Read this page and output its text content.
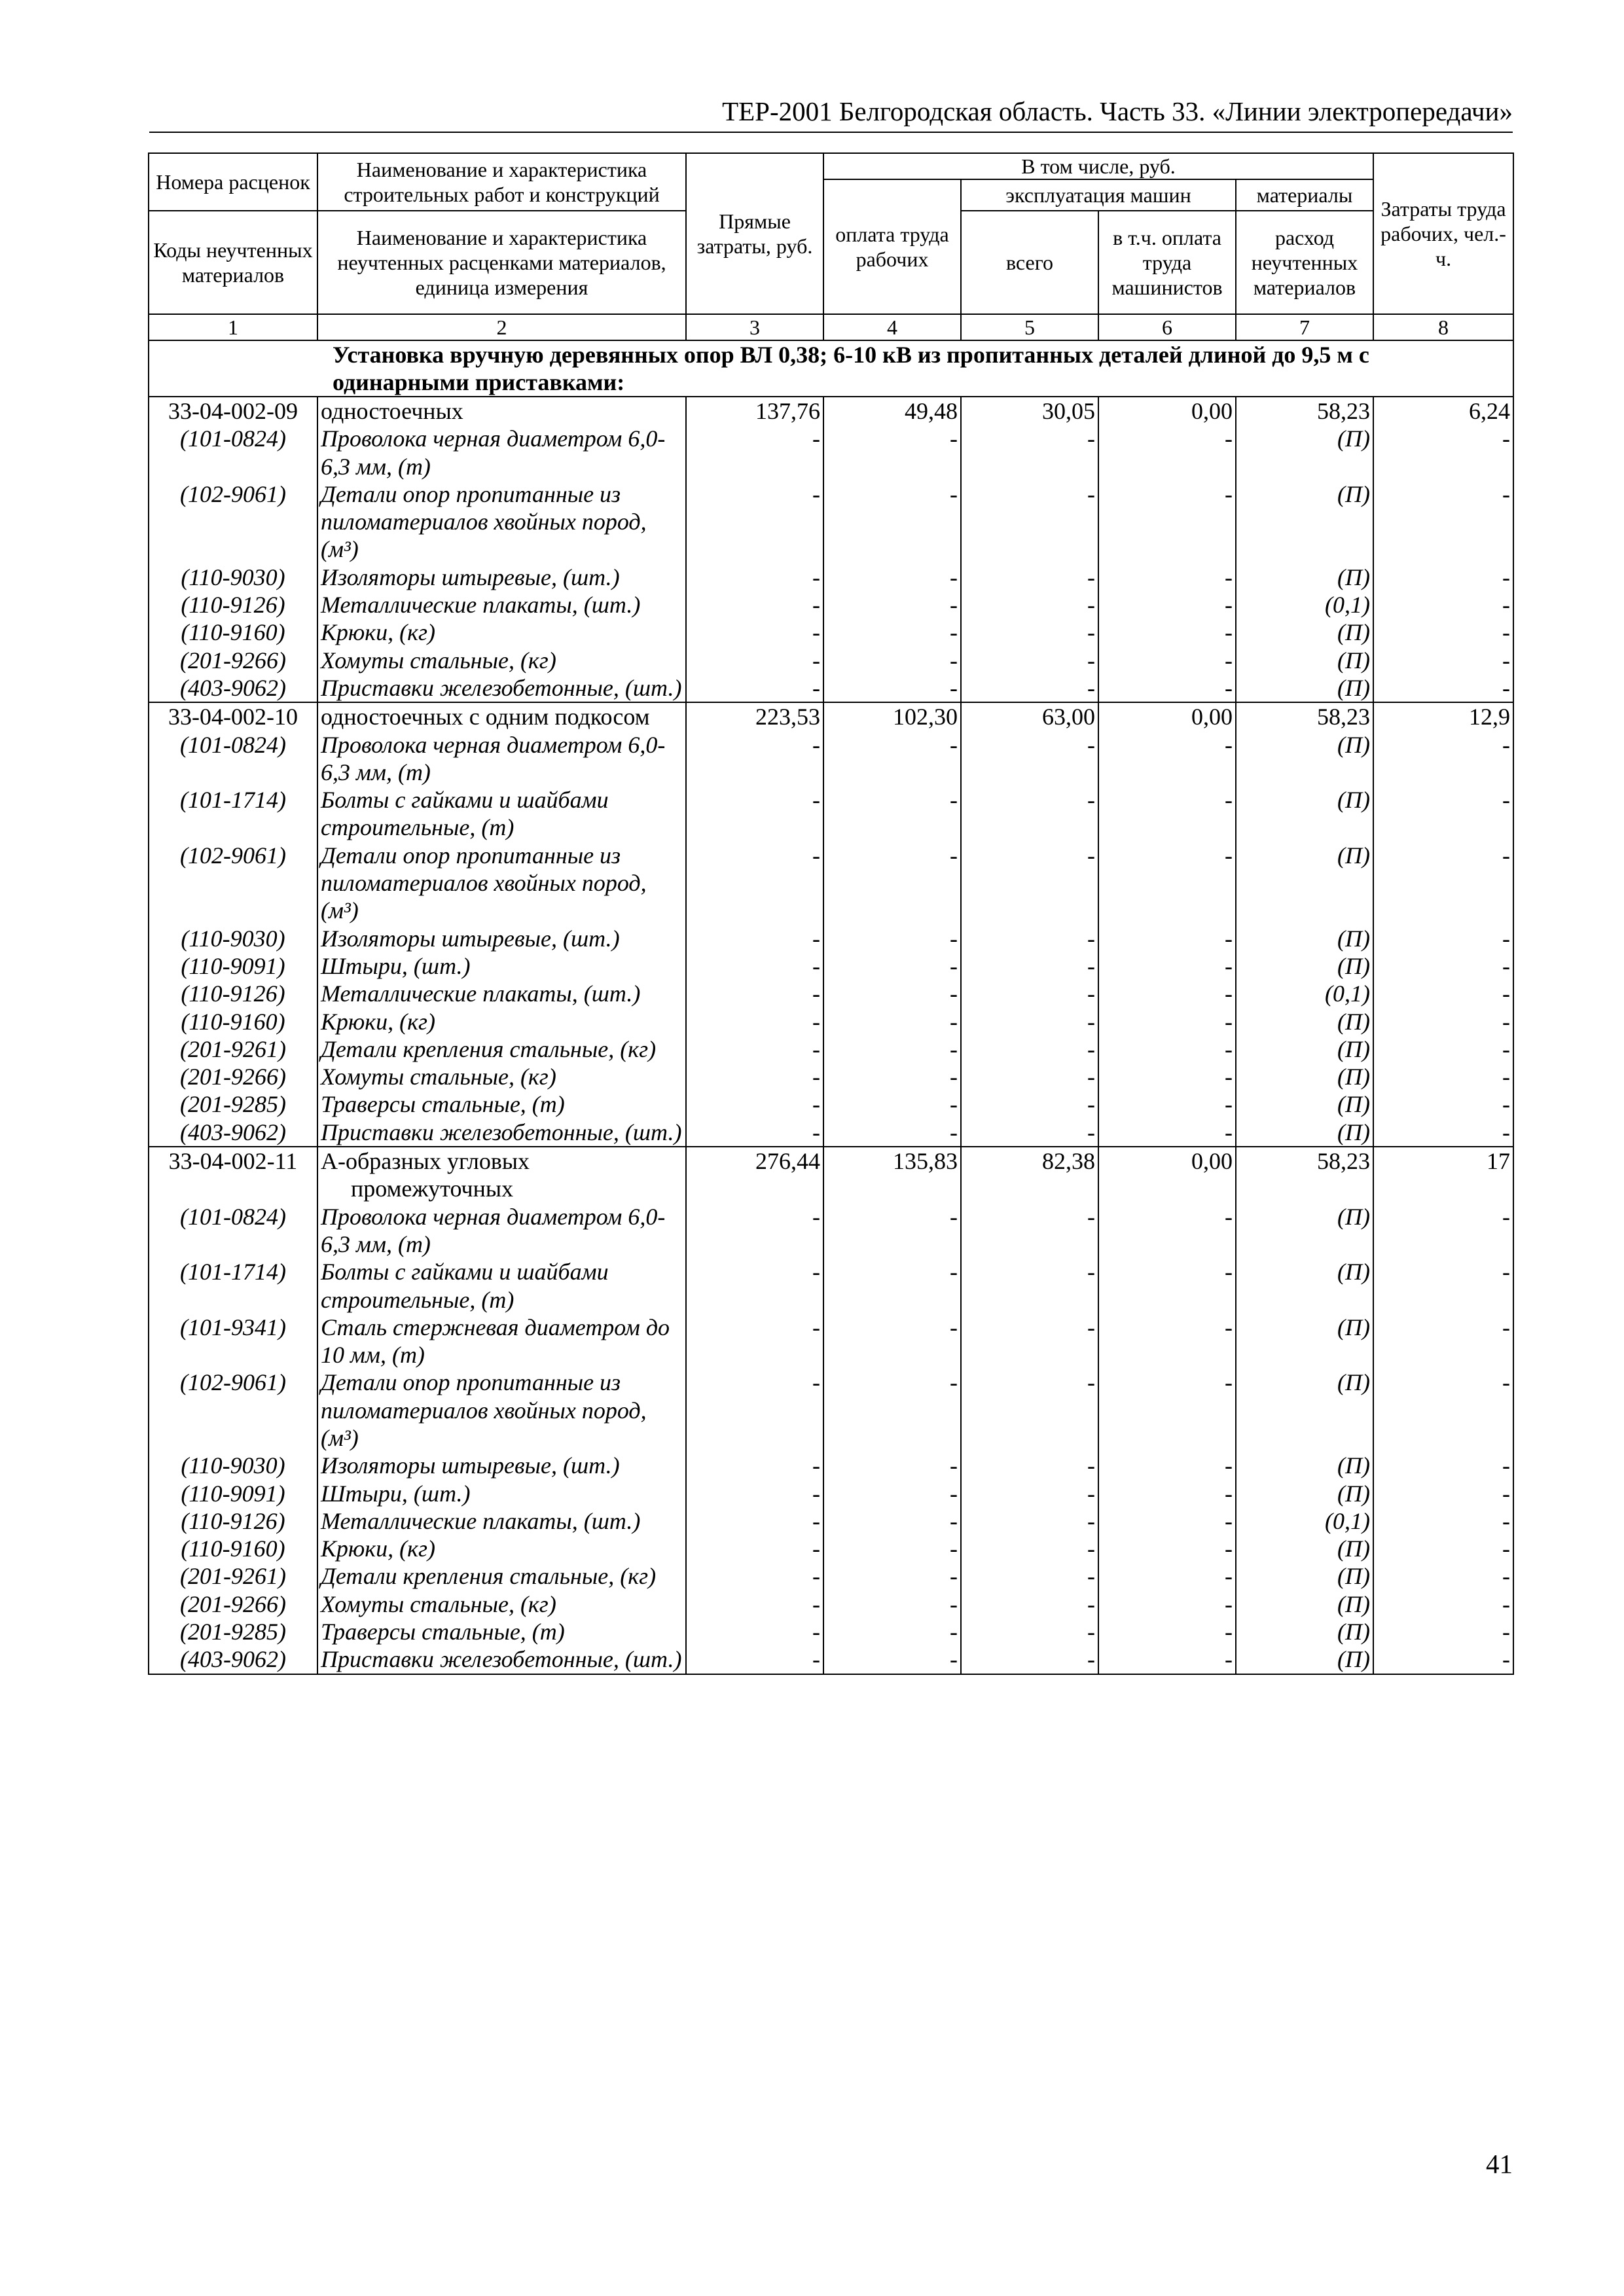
ТЕР-2001 Белгородская область. Часть 33. «Линии электропередачи»
Номера расценок	Наименование и характеристика строительных работ и конструкций	Прямые затраты, руб.	В том числе, руб.				Затраты труда рабочих, чел.-ч.
			оплата труда рабочих	эксплуатация машин		материалы	
Коды неучтенных материалов	Наименование и характеристика неучтенных расценками материалов, единица измерения			всего	в т.ч. оплата труда машинистов	расход неучтенных материалов	
1	2	3	4	5	6	7	8
Установка вручную деревянных опор ВЛ 0,38; 6-10 кВ из пропитанных деталей длиной до 9,5 м с одинарными приставками:							
33-04-002-09	одностоечных	137,76	49,48	30,05	0,00	58,23	6,24
(101-0824)	Проволока черная диаметром 6,0-6,3 мм, (т)	-	-	-	-	(П)	-
(102-9061)	Детали опор пропитанные из пиломатериалов хвойных пород, (м³)	-	-	-	-	(П)	-
(110-9030)	Изоляторы штыревые, (шт.)	-	-	-	-	(П)	-
(110-9126)	Металлические плакаты, (шт.)	-	-	-	-	(0,1)	-
(110-9160)	Крюки, (кг)	-	-	-	-	(П)	-
(201-9266)	Хомуты стальные, (кг)	-	-	-	-	(П)	-
(403-9062)	Приставки железобетонные, (шт.)	-	-	-	-	(П)	-
33-04-002-10	одностоечных с одним подкосом	223,53	102,30	63,00	0,00	58,23	12,9
(101-0824)	Проволока черная диаметром 6,0-6,3 мм, (т)	-	-	-	-	(П)	-
(101-1714)	Болты с гайками и шайбами строительные, (т)	-	-	-	-	(П)	-
(102-9061)	Детали опор пропитанные из пиломатериалов хвойных пород, (м³)	-	-	-	-	(П)	-
(110-9030)	Изоляторы штыревые, (шт.)	-	-	-	-	(П)	-
(110-9091)	Штыри, (шт.)	-	-	-	-	(П)	-
(110-9126)	Металлические плакаты, (шт.)	-	-	-	-	(0,1)	-
(110-9160)	Крюки, (кг)	-	-	-	-	(П)	-
(201-9261)	Детали крепления стальные, (кг)	-	-	-	-	(П)	-
(201-9266)	Хомуты стальные, (кг)	-	-	-	-	(П)	-
(201-9285)	Траверсы стальные, (т)	-	-	-	-	(П)	-
(403-9062)	Приставки железобетонные, (шт.)	-	-	-	-	(П)	-
33-04-002-11	А-образных угловых промежуточных	276,44	135,83	82,38	0,00	58,23	17
(101-0824)	Проволока черная диаметром 6,0-6,3 мм, (т)	-	-	-	-	(П)	-
(101-1714)	Болты с гайками и шайбами строительные, (т)	-	-	-	-	(П)	-
(101-9341)	Сталь стержневая диаметром до 10 мм, (т)	-	-	-	-	(П)	-
(102-9061)	Детали опор пропитанные из пиломатериалов хвойных пород, (м³)	-	-	-	-	(П)	-
(110-9030)	Изоляторы штыревые, (шт.)	-	-	-	-	(П)	-
(110-9091)	Штыри, (шт.)	-	-	-	-	(П)	-
(110-9126)	Металлические плакаты, (шт.)	-	-	-	-	(0,1)	-
(110-9160)	Крюки, (кг)	-	-	-	-	(П)	-
(201-9261)	Детали крепления стальные, (кг)	-	-	-	-	(П)	-
(201-9266)	Хомуты стальные, (кг)	-	-	-	-	(П)	-
(201-9285)	Траверсы стальные, (т)	-	-	-	-	(П)	-
(403-9062)	Приставки железобетонные, (шт.)	-	-	-	-	(П)	-
41
